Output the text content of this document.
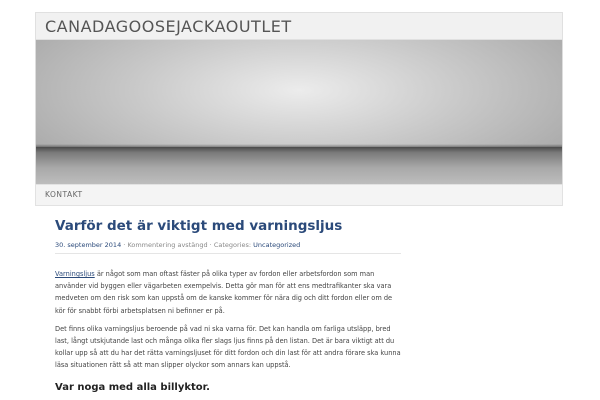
CANADAGOOSEJACKAOUTLET
KONTAKT
Varför det är viktigt med varningsljus
30. september 2014 · Kommentering avstängd · Categories: Uncategorized

Varningsljus är något som man oftast fäster på olika typer av fordon eller arbetsfordon som man använder vid byggen eller vägarbeten exempelvis. Detta gör man för att ens medtrafikanter ska vara medveten om den risk som kan uppstå om de kanske kommer för nära dig och ditt fordon eller om de kör för snabbt förbi arbetsplatsen ni befinner er på.

Det finns olika varningsljus beroende på vad ni ska varna för. Det kan handla om farliga utsläpp, bred last, långt utskjutande last och många olika fler slags ljus finns på den listan. Det är bara viktigt att du kollar upp så att du har det rätta varningsljuset för ditt fordon och din last för att andra förare ska kunna läsa situationen rätt så att man slipper olyckor som annars kan uppstå.

Var noga med alla billyktor.
